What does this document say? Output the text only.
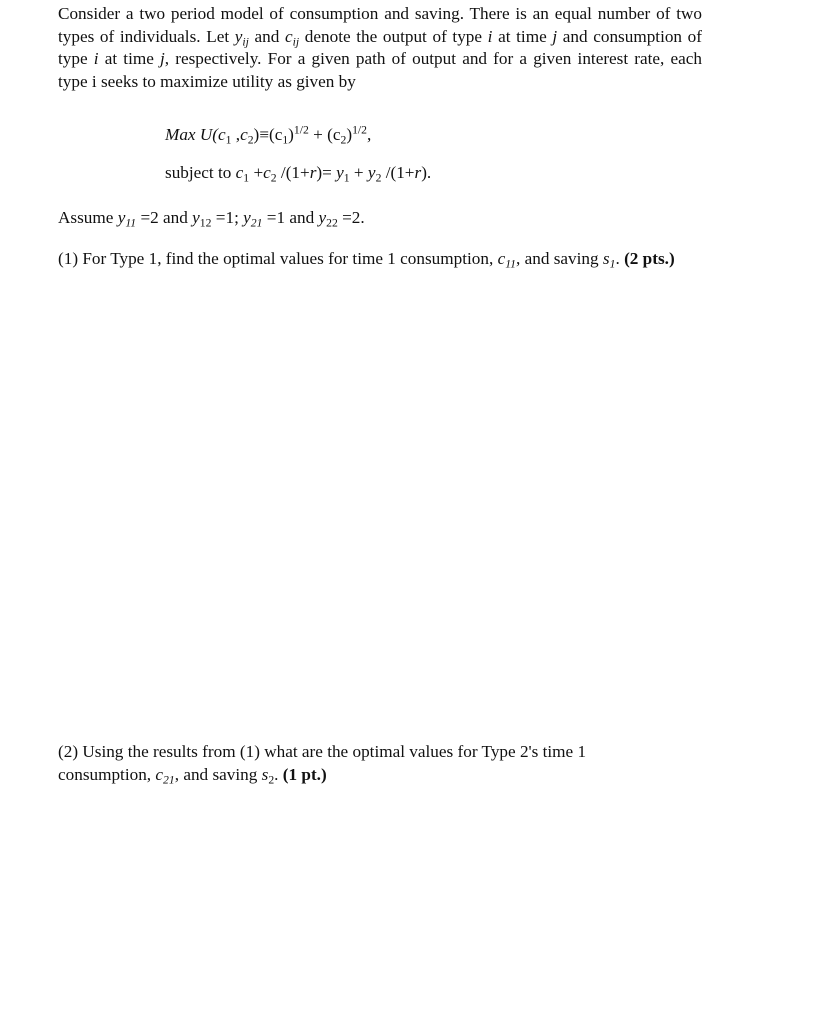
Consider a two period model of consumption and saving. There is an equal number of two types of individuals. Let $y_{ij}$ and $c_{ij}$ denote the output of type i at time j and consumption of type i at time j, respectively. For a given path of output and for a given interest rate, each type i seeks to maximize utility as given by

Max $U(c_1$ $,c_2)\equiv(c_1)^{1/2} + (c_2)^{1/2}$,
subject to $c_1 +c_2$ $/(1+r)= y_1 + y_2$ /(1+r).
Assume $y_{11} =2$ and $y_{12} =1$; $y_{21} =1$ and $y_{22} =2$.
(1) For Type 1, find the optimal values for time 1 consumption, $c_{11}$, and saving $s_1$. (2 pts.)
(2) Using the results from (1) what are the optimal values for Type 2's time 1 consumption, $c_{21}$, and saving $s_2$. (1 pt.)
